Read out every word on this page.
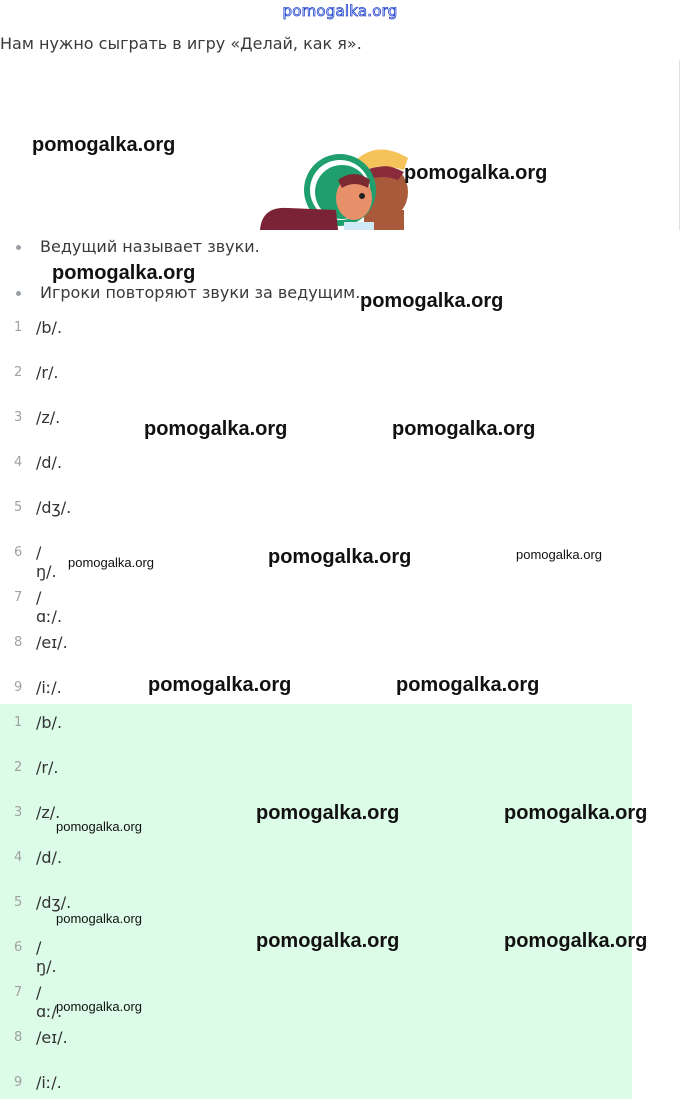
pomogalka.org
Нам нужно сыграть в игру «Делай, как я».
Ведущий называет звуки.
Игроки повторяют звуки за ведущим.
1 /b/.
2 /r/.
3 /z/.
4 /d/.
5 /dʒ/.
6 /ŋ/.
7 /ɑː/.
8 /eɪ/.
9 /iː/.
1 /b/.
2 /r/.
3 /z/.
4 /d/.
5 /dʒ/.
6 /ŋ/.
7 /ɑː/.
8 /eɪ/.
9 /iː/.
pomogalka.org
pomogalka.org
pomogalka.org
pomogalka.org
pomogalka.org	pomogalka.org
pomogalka.org	pomogalka.org	pomogalka.org
pomogalka.org	pomogalka.org
pomogalka.org
pomogalka.org	pomogalka.org
pomogalka.org
pomogalka.org	pomogalka.org
pomogalka.org
